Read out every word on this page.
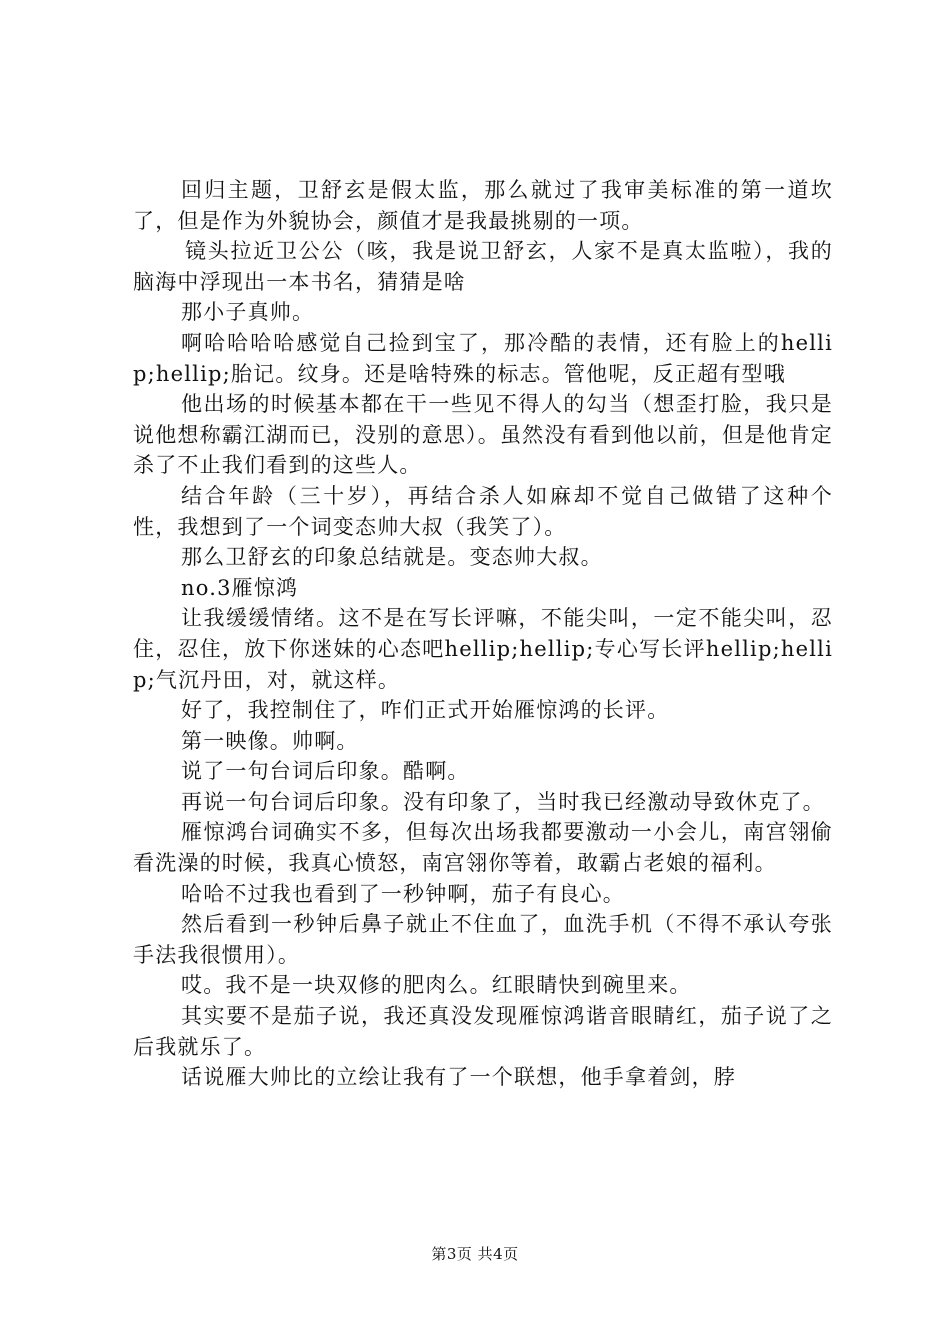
回归主题，卫舒玄是假太监，那么就过了我审美标准的第一道坎了，但是作为外貌协会，颜值才是我最挑剔的一项。

镜头拉近卫公公（咳，我是说卫舒玄，人家不是真太监啦），我的脑海中浮现出一本书名，猜猜是啥

那小子真帅。

啊哈哈哈哈感觉自己捡到宝了，那冷酷的表情，还有脸上的hellip;hellip;胎记。纹身。还是啥特殊的标志。管他呢，反正超有型哦

他出场的时候基本都在干一些见不得人的勾当（想歪打脸，我只是说他想称霸江湖而已，没别的意思）。虽然没有看到他以前，但是他肯定杀了不止我们看到的这些人。

结合年龄（三十岁），再结合杀人如麻却不觉自己做错了这种个性，我想到了一个词变态帅大叔（我笑了）。

那么卫舒玄的印象总结就是。变态帅大叔。

no.3雁惊鸿

让我缓缓情绪。这不是在写长评嘛，不能尖叫，一定不能尖叫，忍住，忍住，放下你迷妹的心态吧hellip;hellip;专心写长评hellip;hellip;气沉丹田，对，就这样。

好了，我控制住了，咋们正式开始雁惊鸿的长评。

第一映像。帅啊。

说了一句台词后印象。酷啊。

再说一句台词后印象。没有印象了，当时我已经激动导致休克了。

雁惊鸿台词确实不多，但每次出场我都要激动一小会儿，南宫翎偷看洗澡的时候，我真心愤怒，南宫翎你等着，敢霸占老娘的福利。

哈哈不过我也看到了一秒钟啊，茄子有良心。

然后看到一秒钟后鼻子就止不住血了，血洗手机（不得不承认夸张手法我很惯用）。

哎。我不是一块双修的肥肉么。红眼睛快到碗里来。

其实要不是茄子说，我还真没发现雁惊鸿谐音眼睛红，茄子说了之后我就乐了。

话说雁大帅比的立绘让我有了一个联想，他手拿着剑，脖

第3页 共4页
